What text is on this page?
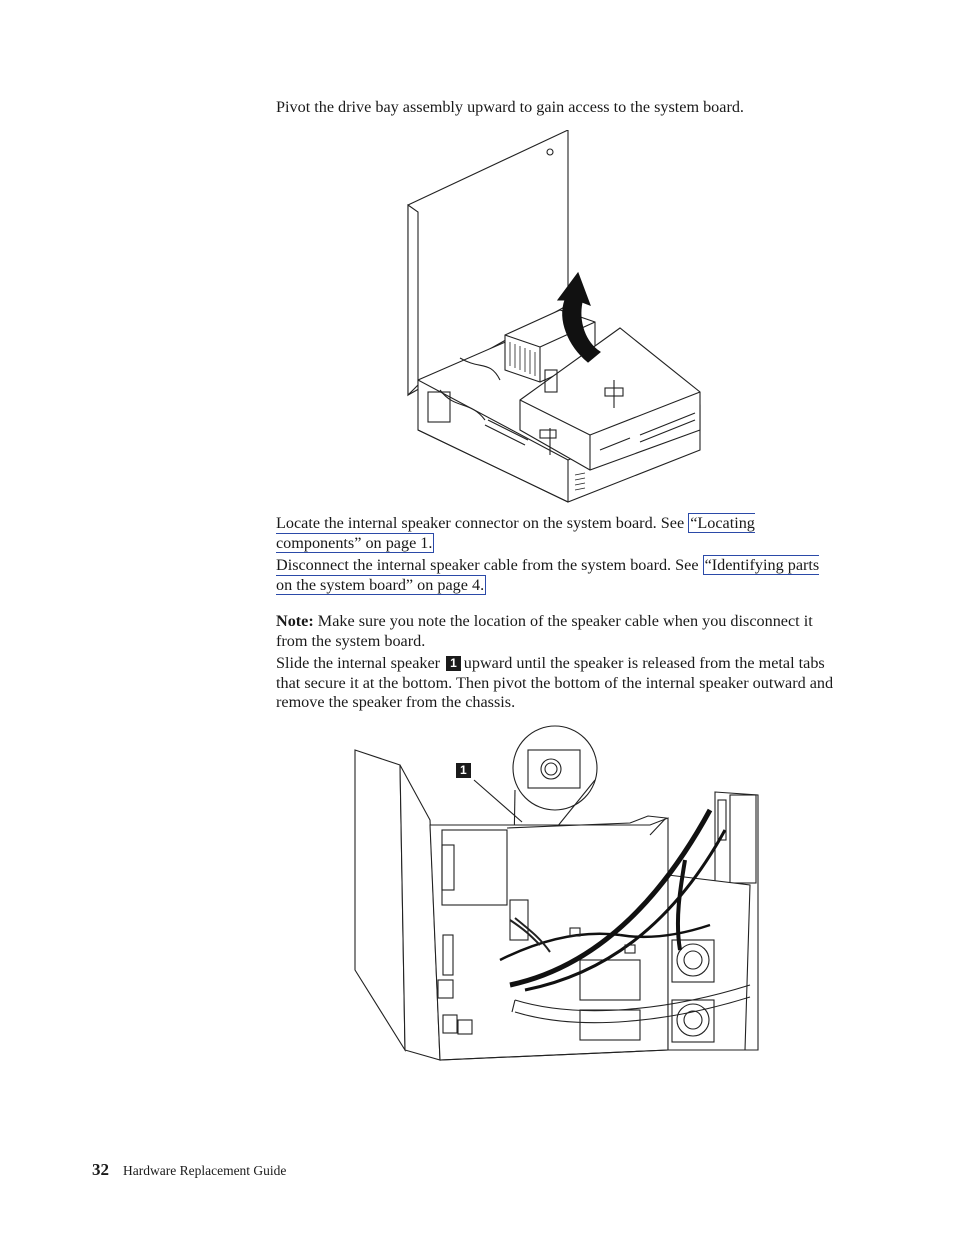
Pivot the drive bay assembly upward to gain access to the system board.

Locate the internal speaker connector on the system board. See “Locating components” on page 1.

Disconnect the internal speaker cable from the system board. See “Identifying parts on the system board” on page 4.

Note: Make sure you note the location of the speaker cable when you disconnect it from the system board.

Slide the internal speaker 1 upward until the speaker is released from the metal tabs that secure it at the bottom. Then pivot the bottom of the internal speaker outward and remove the speaker from the chassis.

1
32 Hardware Replacement Guide
